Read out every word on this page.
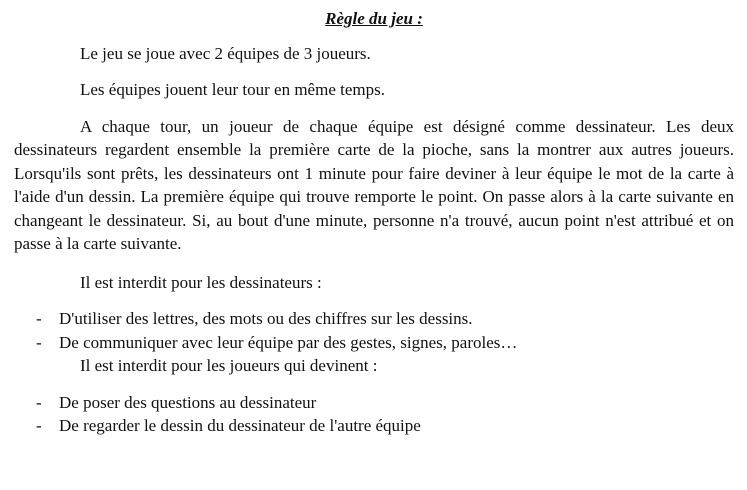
Règle du jeu :

Le jeu se joue avec 2 équipes de 3 joueurs.

Les équipes jouent leur tour en même temps.

A chaque tour, un joueur de chaque équipe est désigné comme dessinateur. Les deux dessinateurs regardent ensemble la première carte de la pioche, sans la montrer aux autres joueurs. Lorsqu'ils sont prêts, les dessinateurs ont 1 minute pour faire deviner à leur équipe le mot de la carte à l'aide d'un dessin. La première équipe qui trouve remporte le point. On passe alors à la carte suivante en changeant le dessinateur. Si, au bout d'une minute, personne n'a trouvé, aucun point n'est attribué et on passe à la carte suivante.

Il est interdit pour les dessinateurs :

- D'utiliser des lettres, des mots ou des chiffres sur les dessins.
- De communiquer avec leur équipe par des gestes, signes, paroles…

Il est interdit pour les joueurs qui devinent :

- De poser des questions au dessinateur
- De regarder le dessin du dessinateur de l'autre équipe
